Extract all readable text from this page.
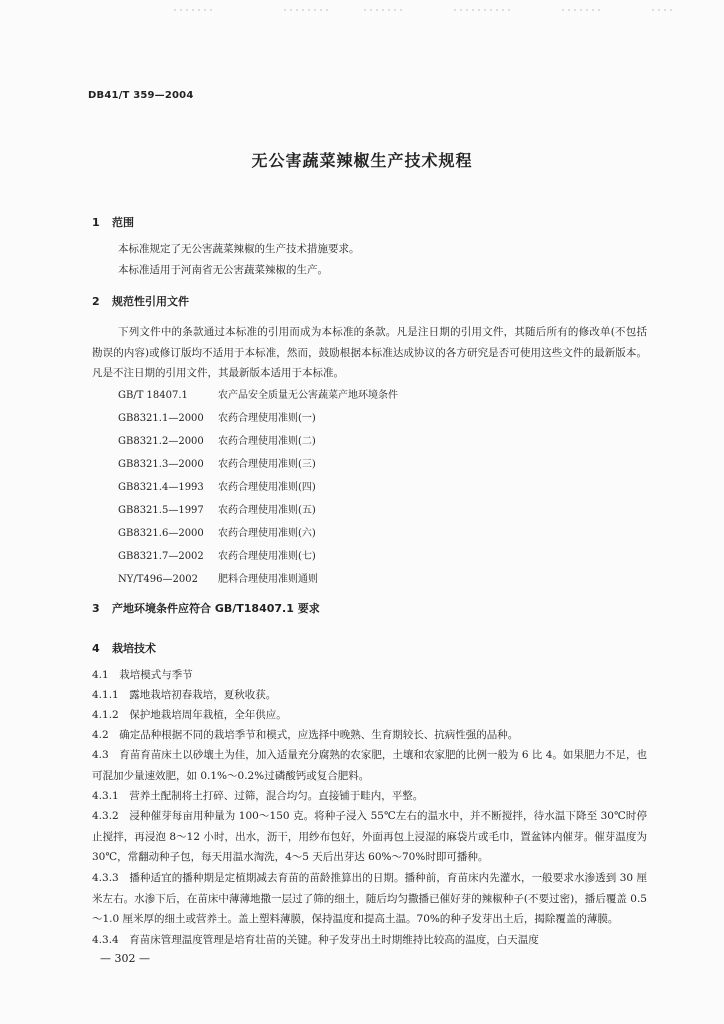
DB41/T 359—2004
无公害蔬菜辣椒生产技术规程
1 范围
本标准规定了无公害蔬菜辣椒的生产技术措施要求。
本标准适用于河南省无公害蔬菜辣椒的生产。
2 规范性引用文件
下列文件中的条款通过本标准的引用而成为本标准的条款。凡是注日期的引用文件，其随后所有的修改单(不包括勘误的内容)或修订版均不适用于本标准，然而，鼓励根据本标准达成协议的各方研究是否可使用这些文件的最新版本。凡是不注日期的引用文件，其最新版本适用于本标准。
GB/T 18407.1	农产品安全质量无公害蔬菜产地环境条件
GB8321.1—2000 农药合理使用准则(一)
GB8321.2—2000 农药合理使用准则(二)
GB8321.3—2000 农药合理使用准则(三)
GB8321.4—1993 农药合理使用准则(四)
GB8321.5—1997 农药合理使用准则(五)
GB8321.6—2000 农药合理使用准则(六)
GB8321.7—2002 农药合理使用准则(七)
NY/T496—2002 肥料合理使用准则通则
3 产地环境条件应符合 GB/T18407.1 要求
4 栽培技术
4.1　栽培模式与季节
4.1.1　露地栽培初春栽培，夏秋收获。
4.1.2　保护地栽培周年栽植，全年供应。
4.2　确定品种根据不同的栽培季节和模式，应选择中晚熟、生育期较长、抗病性强的品种。
4.3　育苗育苗床土以砂壤土为佳，加入适量充分腐熟的农家肥，土壤和农家肥的比例一般为 6 比 4。如果肥力不足，也可混加少量速效肥，如 0.1%～0.2%过磷酸钙或复合肥料。
4.3.1　营养土配制将土打碎、过筛，混合均匀。直接铺于畦内，平整。
4.3.2　浸种催芽每亩用种量为 100～150 克。将种子浸入 55℃左右的温水中，并不断搅拌，待水温下降至 30℃时停止搅拌，再浸泡 8～12 小时，出水，沥干，用纱布包好，外面再包上浸湿的麻袋片或毛巾，置盆钵内催芽。催芽温度为 30℃，常翻动种子包，每天用温水淘洗，4～5 天后出芽达 60%～70%时即可播种。
4.3.3　播种适宜的播种期是定植期减去育苗的苗龄推算出的日期。播种前，育苗床内先灌水，一般要求水渗透到 30 厘米左右。水渗下后，在苗床中薄薄地撒一层过了筛的细土，随后均匀撒播已催好芽的辣椒种子(不要过密)，播后覆盖 0.5～1.0 厘米厚的细土或营养土。盖上塑料薄膜，保持温度和提高土温。70%的种子发芽出土后，揭除覆盖的薄膜。
4.3.4　育苗床管理温度管理是培育壮苗的关键。种子发芽出土时期维持比较高的温度，白天温度
— 302 —
